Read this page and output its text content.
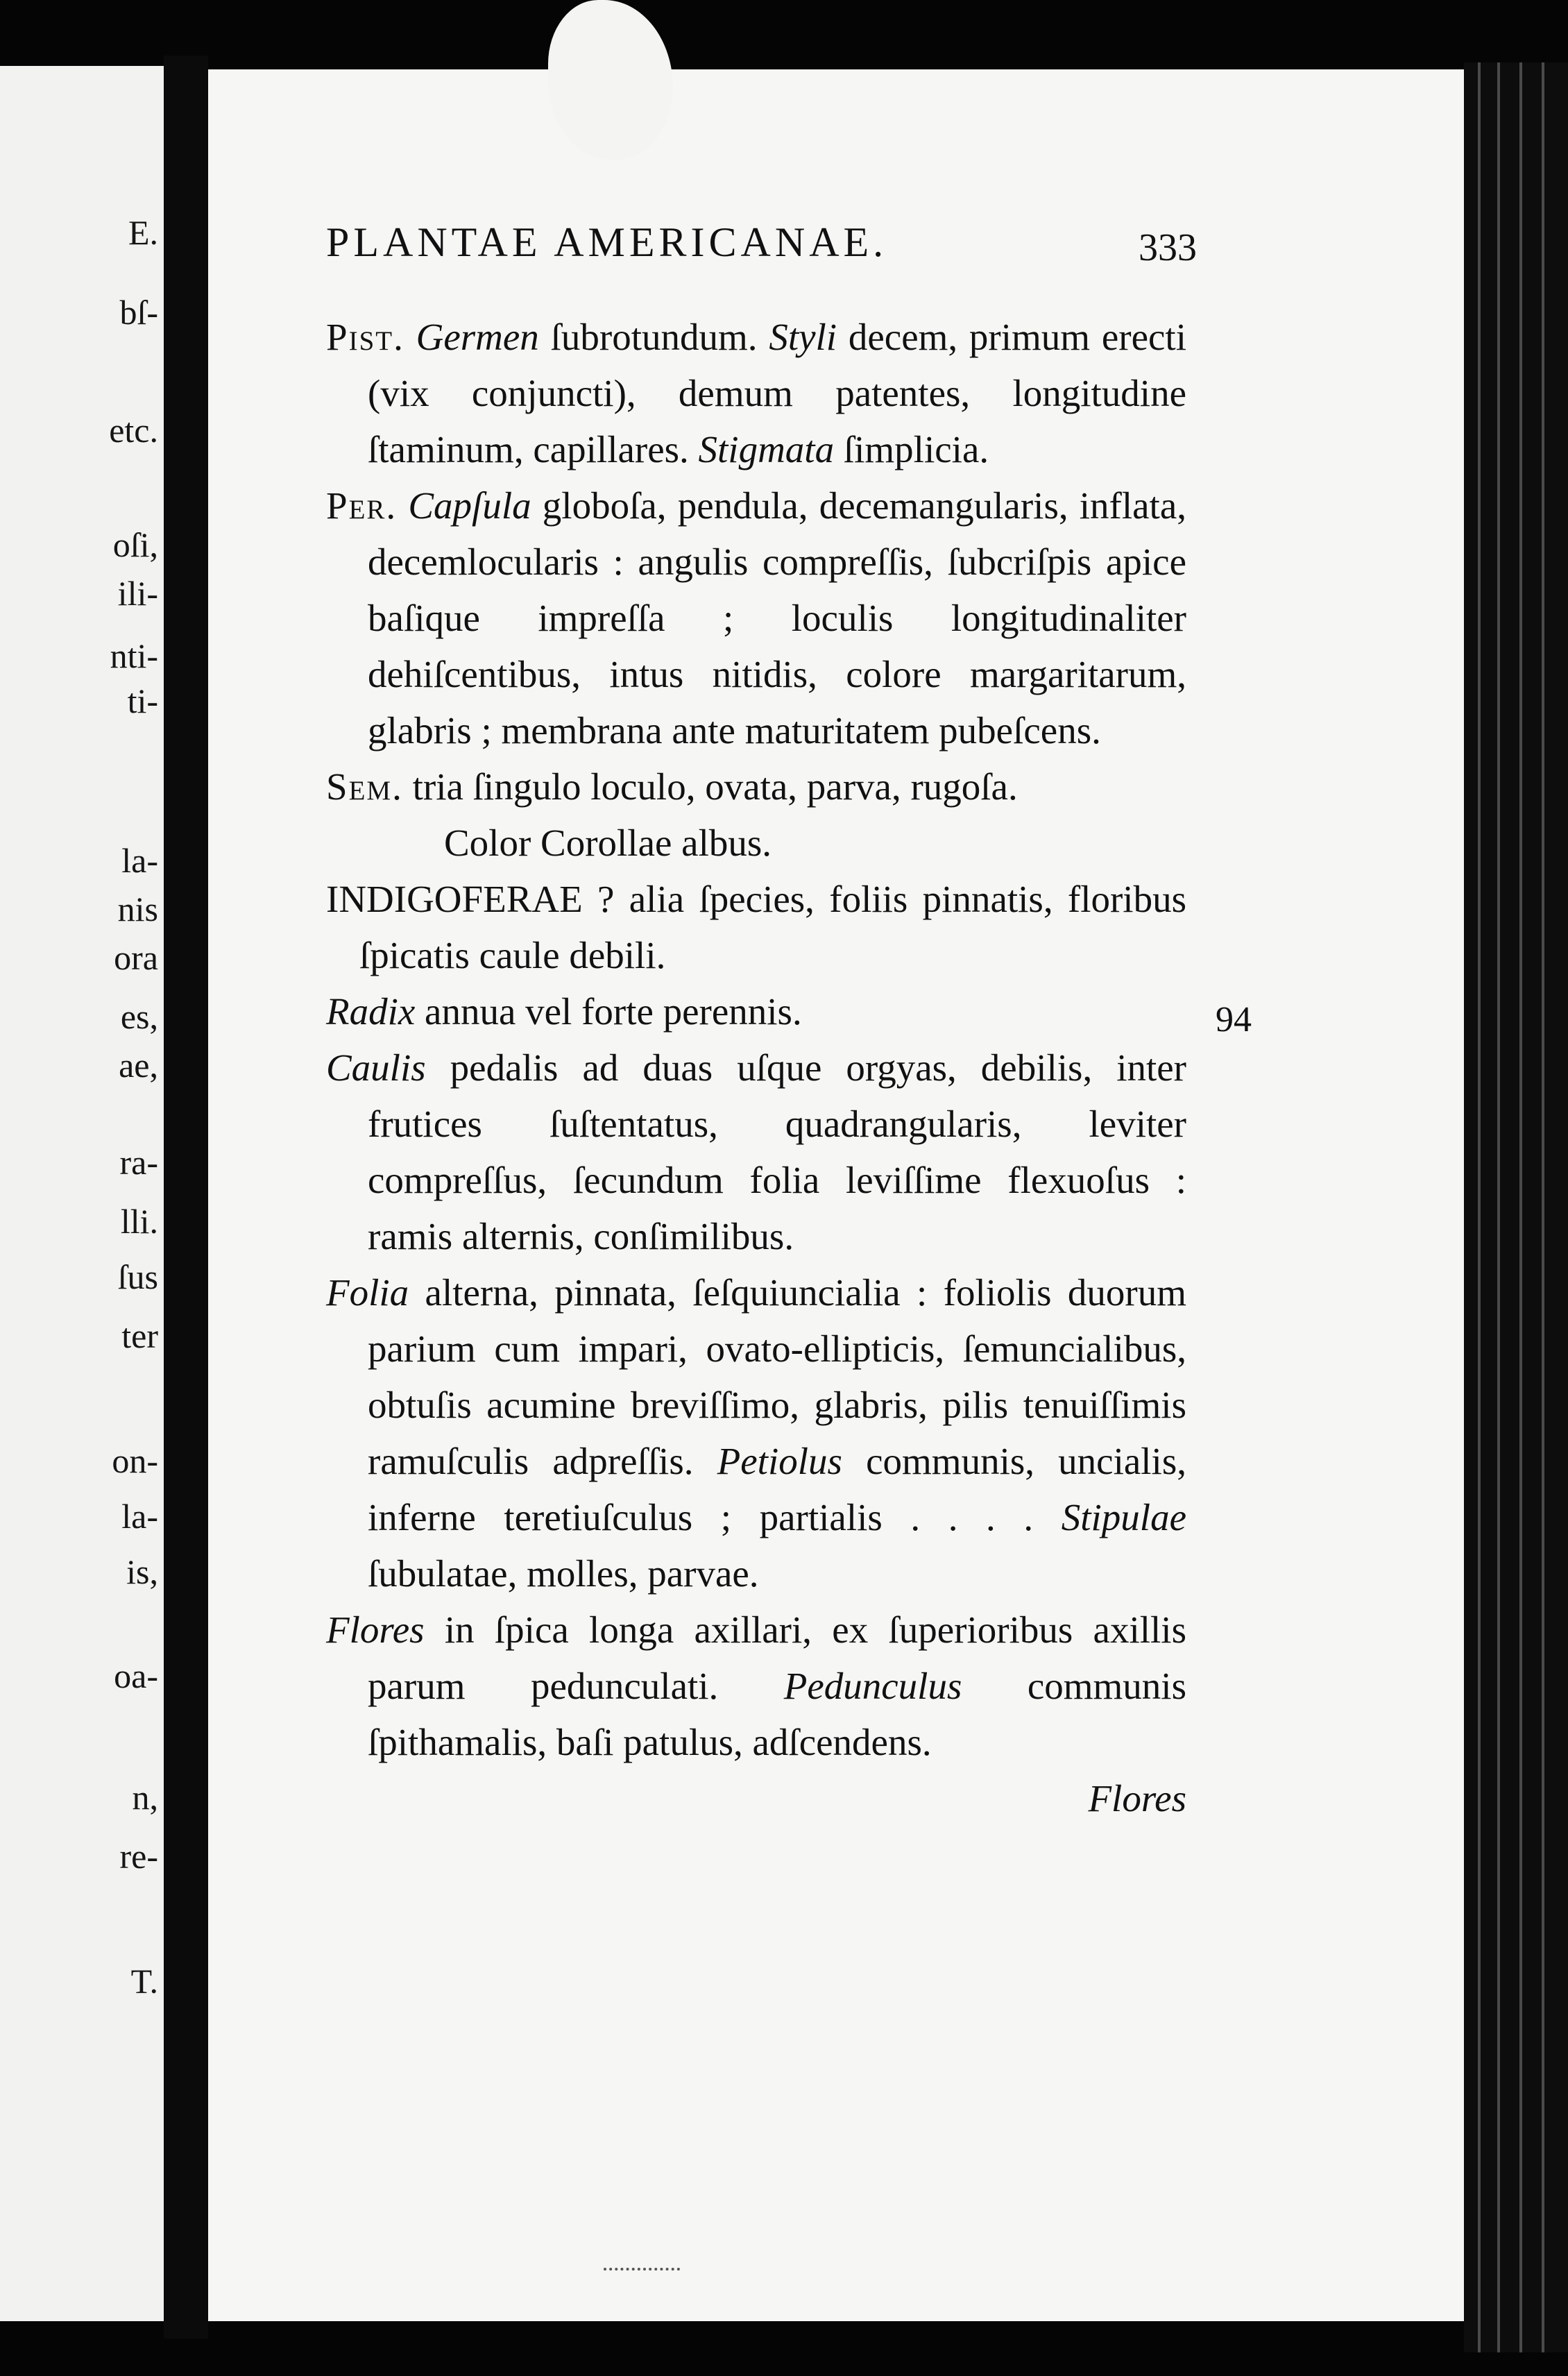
E.
bſ-
etc.
oſi,
ili-
nti-
ti-
la-
nis
ora
es,
ae,
ra-
lli.
ſus
ter
on-
la-
is,
oa-
n,
re-
T.
PLANTAE AMERICANAE.	333
94

Pist. Germen ſubrotundum. Styli decem, primum erecti (vix conjuncti), demum patentes, longitudine ſtaminum, capillares. Stigmata ſimplicia.

Per. Capſula globoſa, pendula, decemangularis, inflata, decemlocularis : angulis compreſſis, ſubcriſpis apice baſique impreſſa ; loculis longitudinaliter dehiſcentibus, intus nitidis, colore margaritarum, glabris ; membrana ante maturitatem pubeſcens.

Sem. tria ſingulo loculo, ovata, parva, rugoſa.

Color Corollae albus.

INDIGOFERAE ? alia ſpecies, foliis pinnatis, floribus ſpicatis caule debili.

Radix annua vel forte perennis.

Caulis pedalis ad duas uſque orgyas, debilis, inter frutices ſuſtentatus, quadrangularis, leviter compreſſus, ſecundum folia leviſſime flexuoſus : ramis alternis, conſimilibus.

Folia alterna, pinnata, ſeſquiuncialia : foliolis duorum parium cum impari, ovato-ellipticis, ſemuncialibus, obtuſis acumine breviſſimo, glabris, pilis tenuiſſimis ramuſculis adpreſſis. Petiolus communis, uncialis, inferne teretiuſculus ; partialis . . . . Stipulae ſubulatae, molles, parvae.

Flores in ſpica longa axillari, ex ſuperioribus axillis parum pedunculati. Pedunculus communis ſpithamalis, baſi patulus, adſcendens.

Flores
